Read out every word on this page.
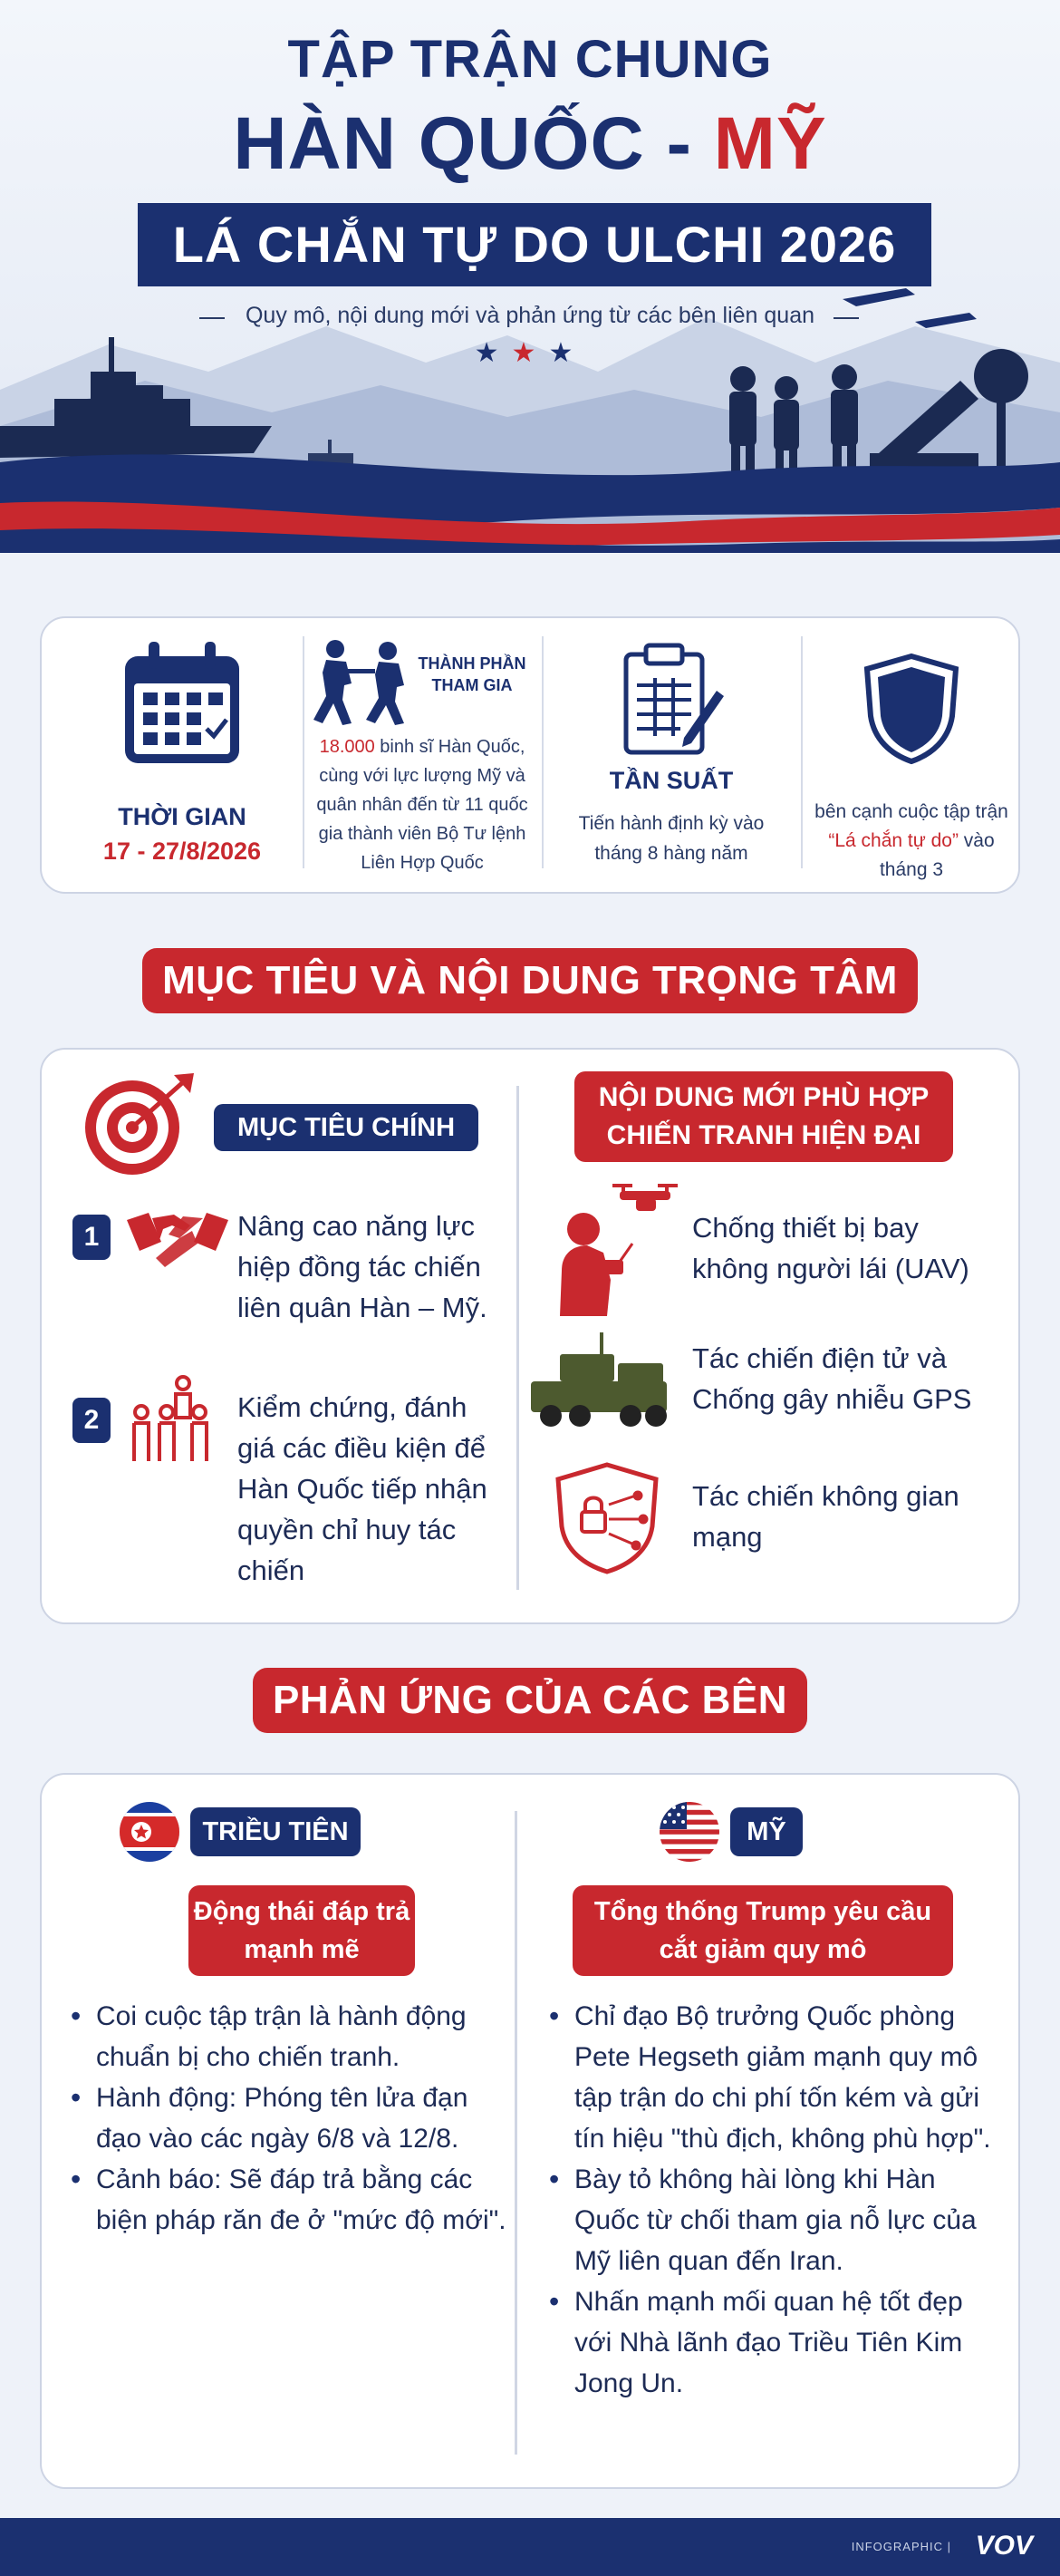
TẬP TRẬN CHUNG
HÀN QUỐC - MỸ
LÁ CHẮN TỰ DO ULCHI 2026
Quy mô, nội dung mới và phản ứng từ các bên liên quan
★★★
THỜI GIAN
17 - 27/8/2026
THÀNH PHẦN THAM GIA
18.000 binh sĩ Hàn Quốc, cùng với lực lượng Mỹ và quân nhân đến từ 11 quốc gia thành viên Bộ Tư lệnh Liên Hợp Quốc
TẦN SUẤT
Tiến hành định kỳ vào tháng 8 hàng năm
bên cạnh cuộc tập trận “Lá chắn tự do” vào tháng 3
MỤC TIÊU VÀ NỘI DUNG TRỌNG TÂM
MỤC TIÊU CHÍNH
1	Nâng cao năng lực hiệp đồng tác chiến liên quân Hàn – Mỹ.
2	Kiểm chứng, đánh giá các điều kiện để Hàn Quốc tiếp nhận quyền chỉ huy tác chiến
NỘI DUNG MỚI PHÙ HỢP CHIẾN TRANH HIỆN ĐẠI
Chống thiết bị bay không người lái (UAV)
Tác chiến điện tử và Chống gây nhiễu GPS
Tác chiến không gian mạng
PHẢN ỨNG CỦA CÁC BÊN
TRIỀU TIÊN
Động thái đáp trả mạnh mẽ
• Coi cuộc tập trận là hành động chuẩn bị cho chiến tranh.
• Hành động: Phóng tên lửa đạn đạo vào các ngày 6/8 và 12/8.
• Cảnh báo: Sẽ đáp trả bằng các biện pháp răn đe ở "mức độ mới".
MỸ
Tổng thống Trump yêu cầu cắt giảm quy mô
• Chỉ đạo Bộ trưởng Quốc phòng Pete Hegseth giảm mạnh quy mô tập trận do chi phí tốn kém và gửi tín hiệu "thù địch, không phù hợp".
• Bày tỏ không hài lòng khi Hàn Quốc từ chối tham gia nỗ lực của Mỹ liên quan đến Iran.
• Nhấn mạnh mối quan hệ tốt đẹp với Nhà lãnh đạo Triều Tiên Kim Jong Un.
INFOGRAPHIC | VOV
